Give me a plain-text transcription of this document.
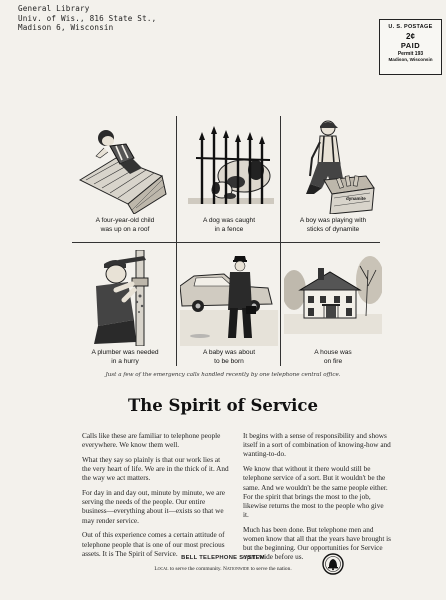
General Library
Univ. of Wis., 816 State St.,
Madison 6, Wisconsin	U. S. POSTAGE
2¢
PAID
Permit 193
Madison, Wisconsin
A four-year-old child
was up on a roof
A dog was caught
in a fence
dynamite
A boy was playing with
sticks of dynamite
A plumber was needed
in a hurry
A baby was about
to be born
A house was
on fire
Just a few of the emergency calls handled recently by one telephone central office.
The Spirit of Service

Calls like these are familiar to telephone people everywhere. We know them well.

What they say so plainly is that our work lies at the very heart of life. We are in the thick of it. And the way we act matters.

For day in and day out, minute by minute, we are serving the needs of the people. Our entire business—everything about it—exists so that we may render service.

Out of this experience comes a certain attitude of telephone people that is one of our most precious assets. It is The Spirit of Service.

It begins with a sense of responsibility and shows itself in a sort of combination of knowing-how and wanting-to-do.

We know that without it there would still be telephone service of a sort. But it wouldn't be the same. And we wouldn't be the same people either. For the spirit that brings the most to the job, likewise returns the most to the people who give it.

Much has been done. But telephone men and women know that all that the years have brought is but the beginning. Our opportunities for Service open wide before us.

BELL TELEPHONE SYSTEM
Local to serve the community. Nationwide to serve the nation.
